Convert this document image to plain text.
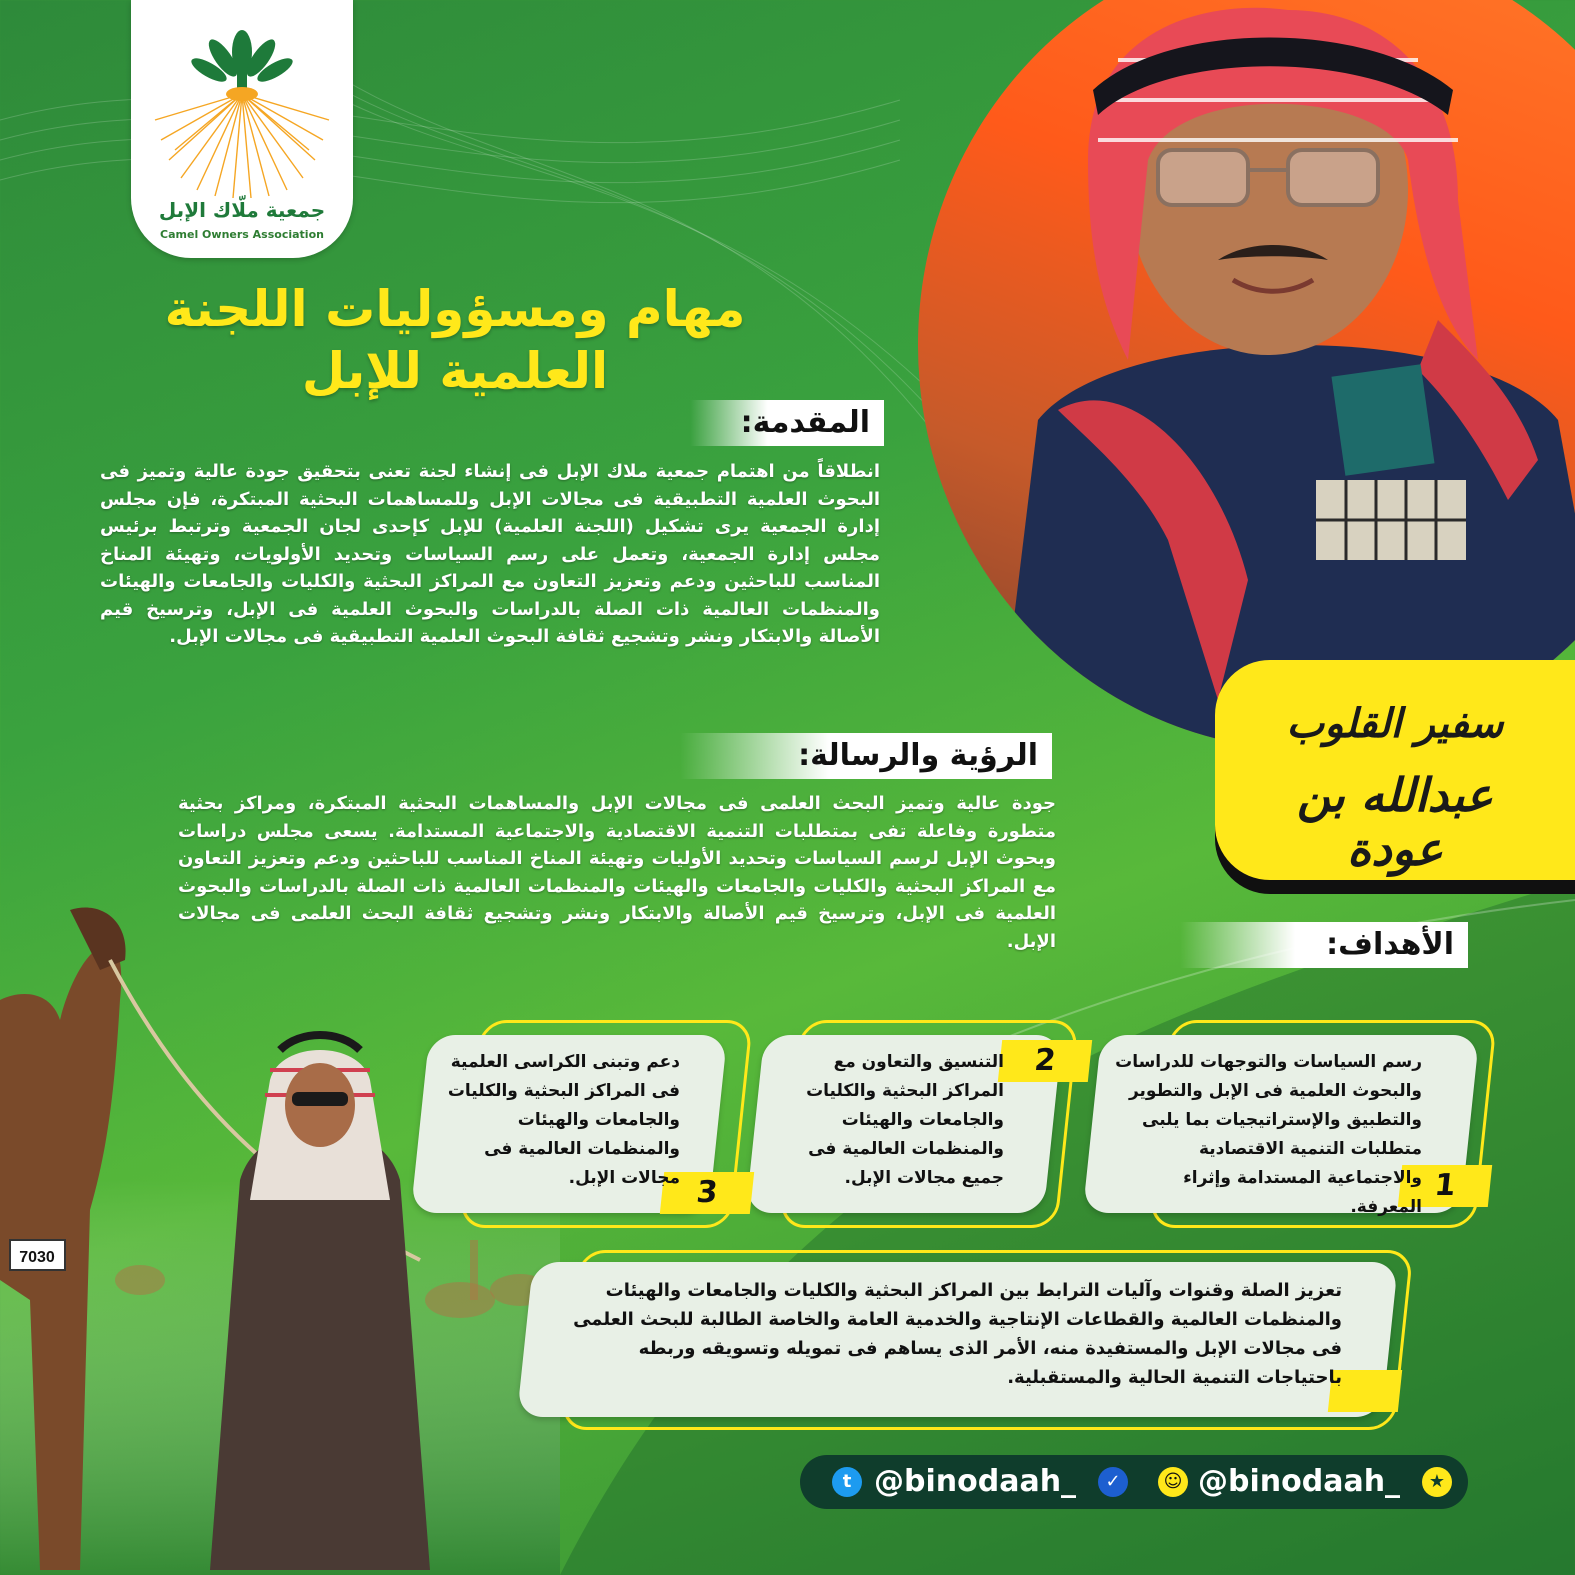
جمعية ملّاك الإبل
Camel Owners Association
مهام ومسؤوليات اللجنة
العلمية للإبل
سفير القلوب
عبدالله بن عودة
المقدمة:
انطلاقاً من اهتمام جمعية ملاك الإبل فى إنشاء لجنة تعنى بتحقيق جودة عالية وتميز فى البحوث العلمية التطبيقية فى مجالات الإبل وللمساهمات البحثية المبتكرة، فإن مجلس إدارة الجمعية يرى تشكيل (اللجنة العلمية) للإبل كإحدى لجان الجمعية وترتبط برئيس مجلس إدارة الجمعية، وتعمل على رسم السياسات وتحديد الأولويات، وتهيئة المناخ المناسب للباحثين ودعم وتعزيز التعاون مع المراكز البحثية والكليات والجامعات والهيئات والمنظمات العالمية ذات الصلة بالدراسات والبحوث العلمية فى الإبل، وترسيخ قيم الأصالة والابتكار ونشر وتشجيع ثقافة البحوث العلمية التطبيقية فى مجالات الإبل.
الرؤية والرسالة:
جودة عالية وتميز البحث العلمى فى مجالات الإبل والمساهمات البحثية المبتكرة، ومراكز بحثية متطورة وفاعلة تفى بمتطلبات التنمية الاقتصادية والاجتماعية المستدامة. يسعى مجلس دراسات وبحوث الإبل لرسم السياسات وتحديد الأوليات وتهيئة المناخ المناسب للباحثين ودعم وتعزيز التعاون مع المراكز البحثية والكليات والجامعات والهيئات والمنظمات العالمية ذات الصلة بالدراسات والبحوث العلمية فى الإبل، وترسيخ قيم الأصالة والابتكار ونشر وتشجيع ثقافة البحث العلمى فى مجالات الإبل.
7030
الأهداف:
1
رسم السياسات والتوجهات للدراسات والبحوث العلمية فى الإبل والتطوير والتطبيق والإستراتيجيات بما يلبى متطلبات التنمية الاقتصادية والاجتماعية المستدامة وإثراء المعرفة.
2
التنسيق والتعاون مع المراكز البحثية والكليات والجامعات والهيئات والمنظمات العالمية فى جميع مجالات الإبل.
3
دعم وتبنى الكراسى العلمية فى المراكز البحثية والكليات والجامعات والهيئات والمنظمات العالمية فى مجالات الإبل.
تعزيز الصلة وقنوات وآليات الترابط بين المراكز البحثية والكليات والجامعات والهيئات والمنظمات العالمية والقطاعات الإنتاجية والخدمية العامة والخاصة الطالبة للبحث العلمى فى مجالات الإبل والمستفيدة منه، الأمر الذى يساهم فى تمويله وتسويقه وربطه باحتياجات التنمية الحالية والمستقبلية.
t @binodaah_	✓	☺ @binodaah_	★
